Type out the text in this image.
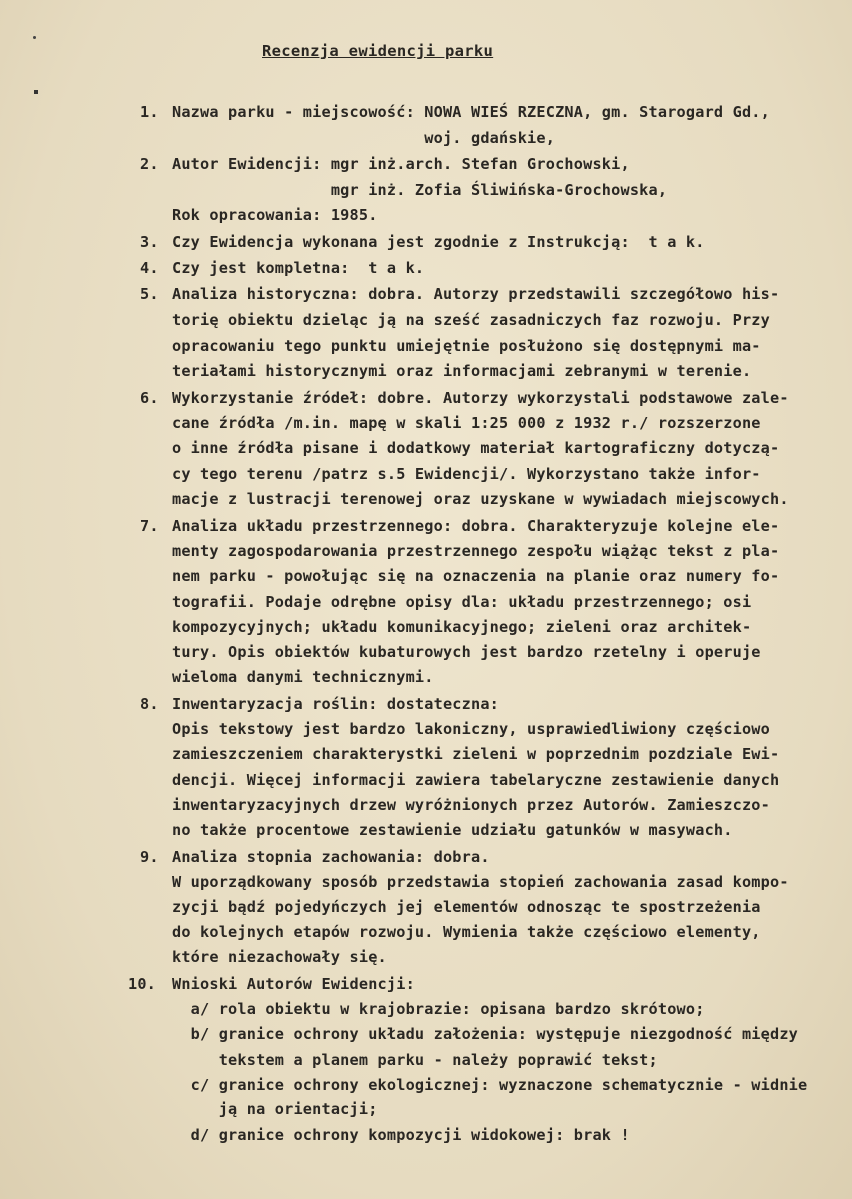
Recenzja ewidencji parku
1. Nazwa parku - miejscowość: NOWA WIEŚ RZECZNA, gm. Starogard Gd.,
woj. gdańskie,
2. Autor Ewidencji: mgr inż.arch. Stefan Grochowski,
mgr inż. Zofia Śliwińska-Grochowska,
Rok opracowania: 1985.
3. Czy Ewidencja wykonana jest zgodnie z Instrukcją:  t a k.
4. Czy jest kompletna:  t a k.
5. Analiza historyczna: dobra. Autorzy przedstawili szczegółowo his-
torię obiektu dzieląc ją na sześć zasadniczych faz rozwoju. Przy
opracowaniu tego punktu umiejętnie posłużono się dostępnymi ma-
teriałami historycznymi oraz informacjami zebranymi w terenie.
6. Wykorzystanie źródeł: dobre. Autorzy wykorzystali podstawowe zale-
cane źródła /m.in. mapę w skali 1:25 000 z 1932 r./ rozszerzone
o inne źródła pisane i dodatkowy materiał kartograficzny dotyczą-
cy tego terenu /patrz s.5 Ewidencji/. Wykorzystano także infor-
macje z lustracji terenowej oraz uzyskane w wywiadach miejscowych.
7. Analiza układu przestrzennego: dobra. Charakteryzuje kolejne ele-
menty zagospodarowania przestrzennego zespołu wiążąc tekst z pla-
nem parku - powołując się na oznaczenia na planie oraz numery fo-
tografii. Podaje odrębne opisy dla: układu przestrzennego; osi
kompozycyjnych; układu komunikacyjnego; zieleni oraz architek-
tury. Opis obiektów kubaturowych jest bardzo rzetelny i operuje
wieloma danymi technicznymi.
8. Inwentaryzacja roślin: dostateczna:
Opis tekstowy jest bardzo lakoniczny, usprawiedliwiony częściowo
zamieszczeniem charakterystki zieleni w poprzednim pozdziale Ewi-
dencji. Więcej informacji zawiera tabelaryczne zestawienie danych
inwentaryzacyjnych drzew wyróżnionych przez Autorów. Zamieszczo-
no także procentowe zestawienie udziału gatunków w masywach.
9. Analiza stopnia zachowania: dobra.
W uporządkowany sposób przedstawia stopień zachowania zasad kompo-
zycji bądź pojedyńczych jej elementów odnosząc te spostrzeżenia
do kolejnych etapów rozwoju. Wymienia także częściowo elementy,
które niezachowały się.
10. Wnioski Autorów Ewidencji:
a/ rola obiektu w krajobrazie: opisana bardzo skrótowo;
b/ granice ochrony układu założenia: występuje niezgodność między
tekstem a planem parku - należy poprawić tekst;
c/ granice ochrony ekologicznej: wyznaczone schematycznie - widnie
ją na orientacji;
d/ granice ochrony kompozycji widokowej: brak !
